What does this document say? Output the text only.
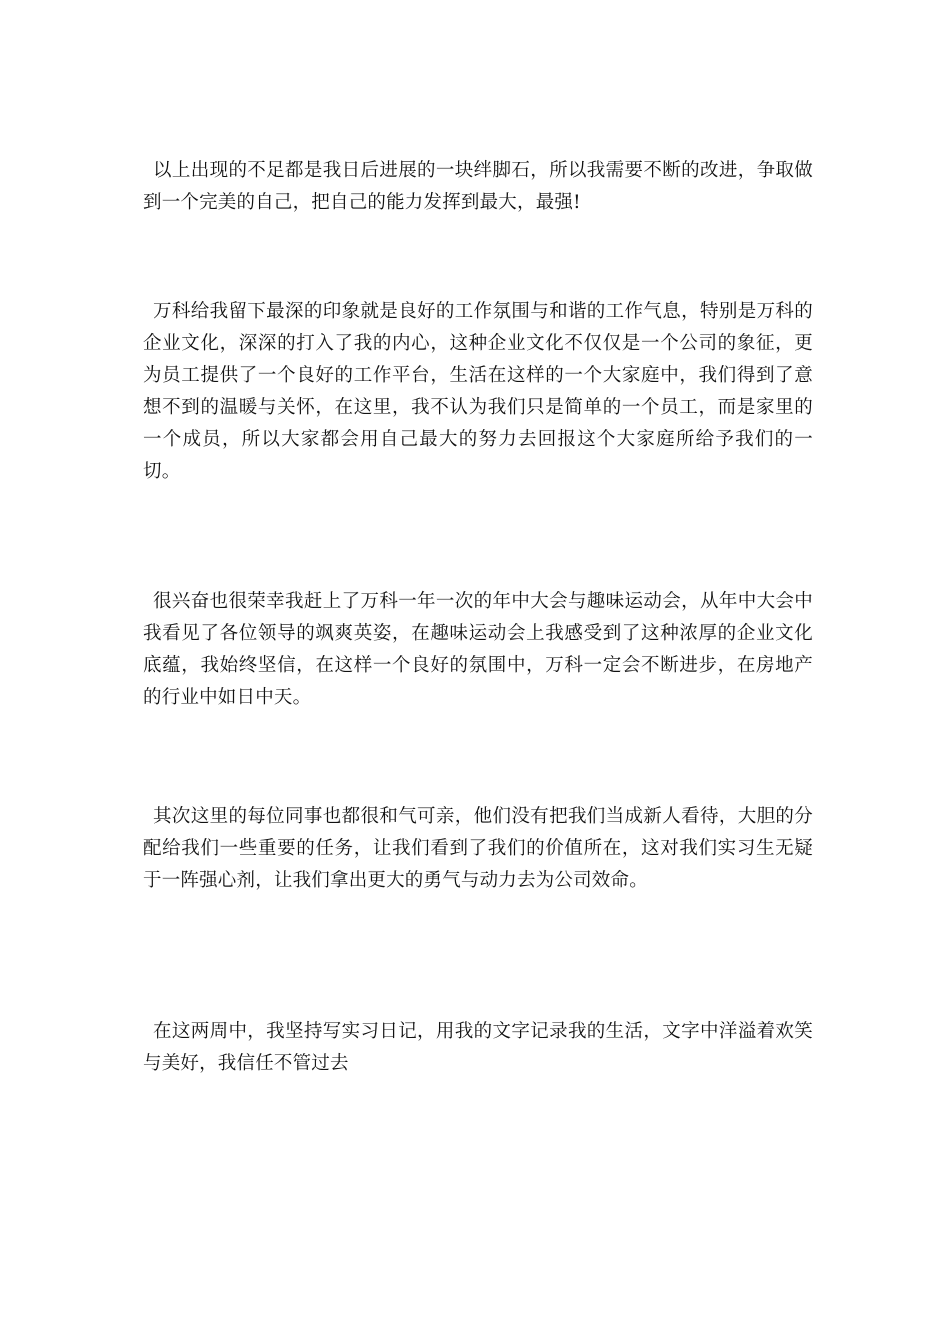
以上出现的不足都是我日后进展的一块绊脚石，所以我需要不断的改进，争取做到一个完美的自己，把自己的能力发挥到最大，最强!

万科给我留下最深的印象就是良好的工作氛围与和谐的工作气息，特别是万科的企业文化，深深的打入了我的内心，这种企业文化不仅仅是一个公司的象征，更为员工提供了一个良好的工作平台，生活在这样的一个大家庭中，我们得到了意想不到的温暖与关怀，在这里，我不认为我们只是简单的一个员工，而是家里的一个成员，所以大家都会用自己最大的努力去回报这个大家庭所给予我们的一切。

很兴奋也很荣幸我赶上了万科一年一次的年中大会与趣味运动会，从年中大会中我看见了各位领导的飒爽英姿，在趣味运动会上我感受到了这种浓厚的企业文化底蕴，我始终坚信，在这样一个良好的氛围中，万科一定会不断进步，在房地产的行业中如日中天。

其次这里的每位同事也都很和气可亲，他们没有把我们当成新人看待，大胆的分配给我们一些重要的任务，让我们看到了我们的价值所在，这对我们实习生无疑于一阵强心剂，让我们拿出更大的勇气与动力去为公司效命。

在这两周中，我坚持写实习日记，用我的文字记录我的生活，文字中洋溢着欢笑与美好，我信任不管过去
